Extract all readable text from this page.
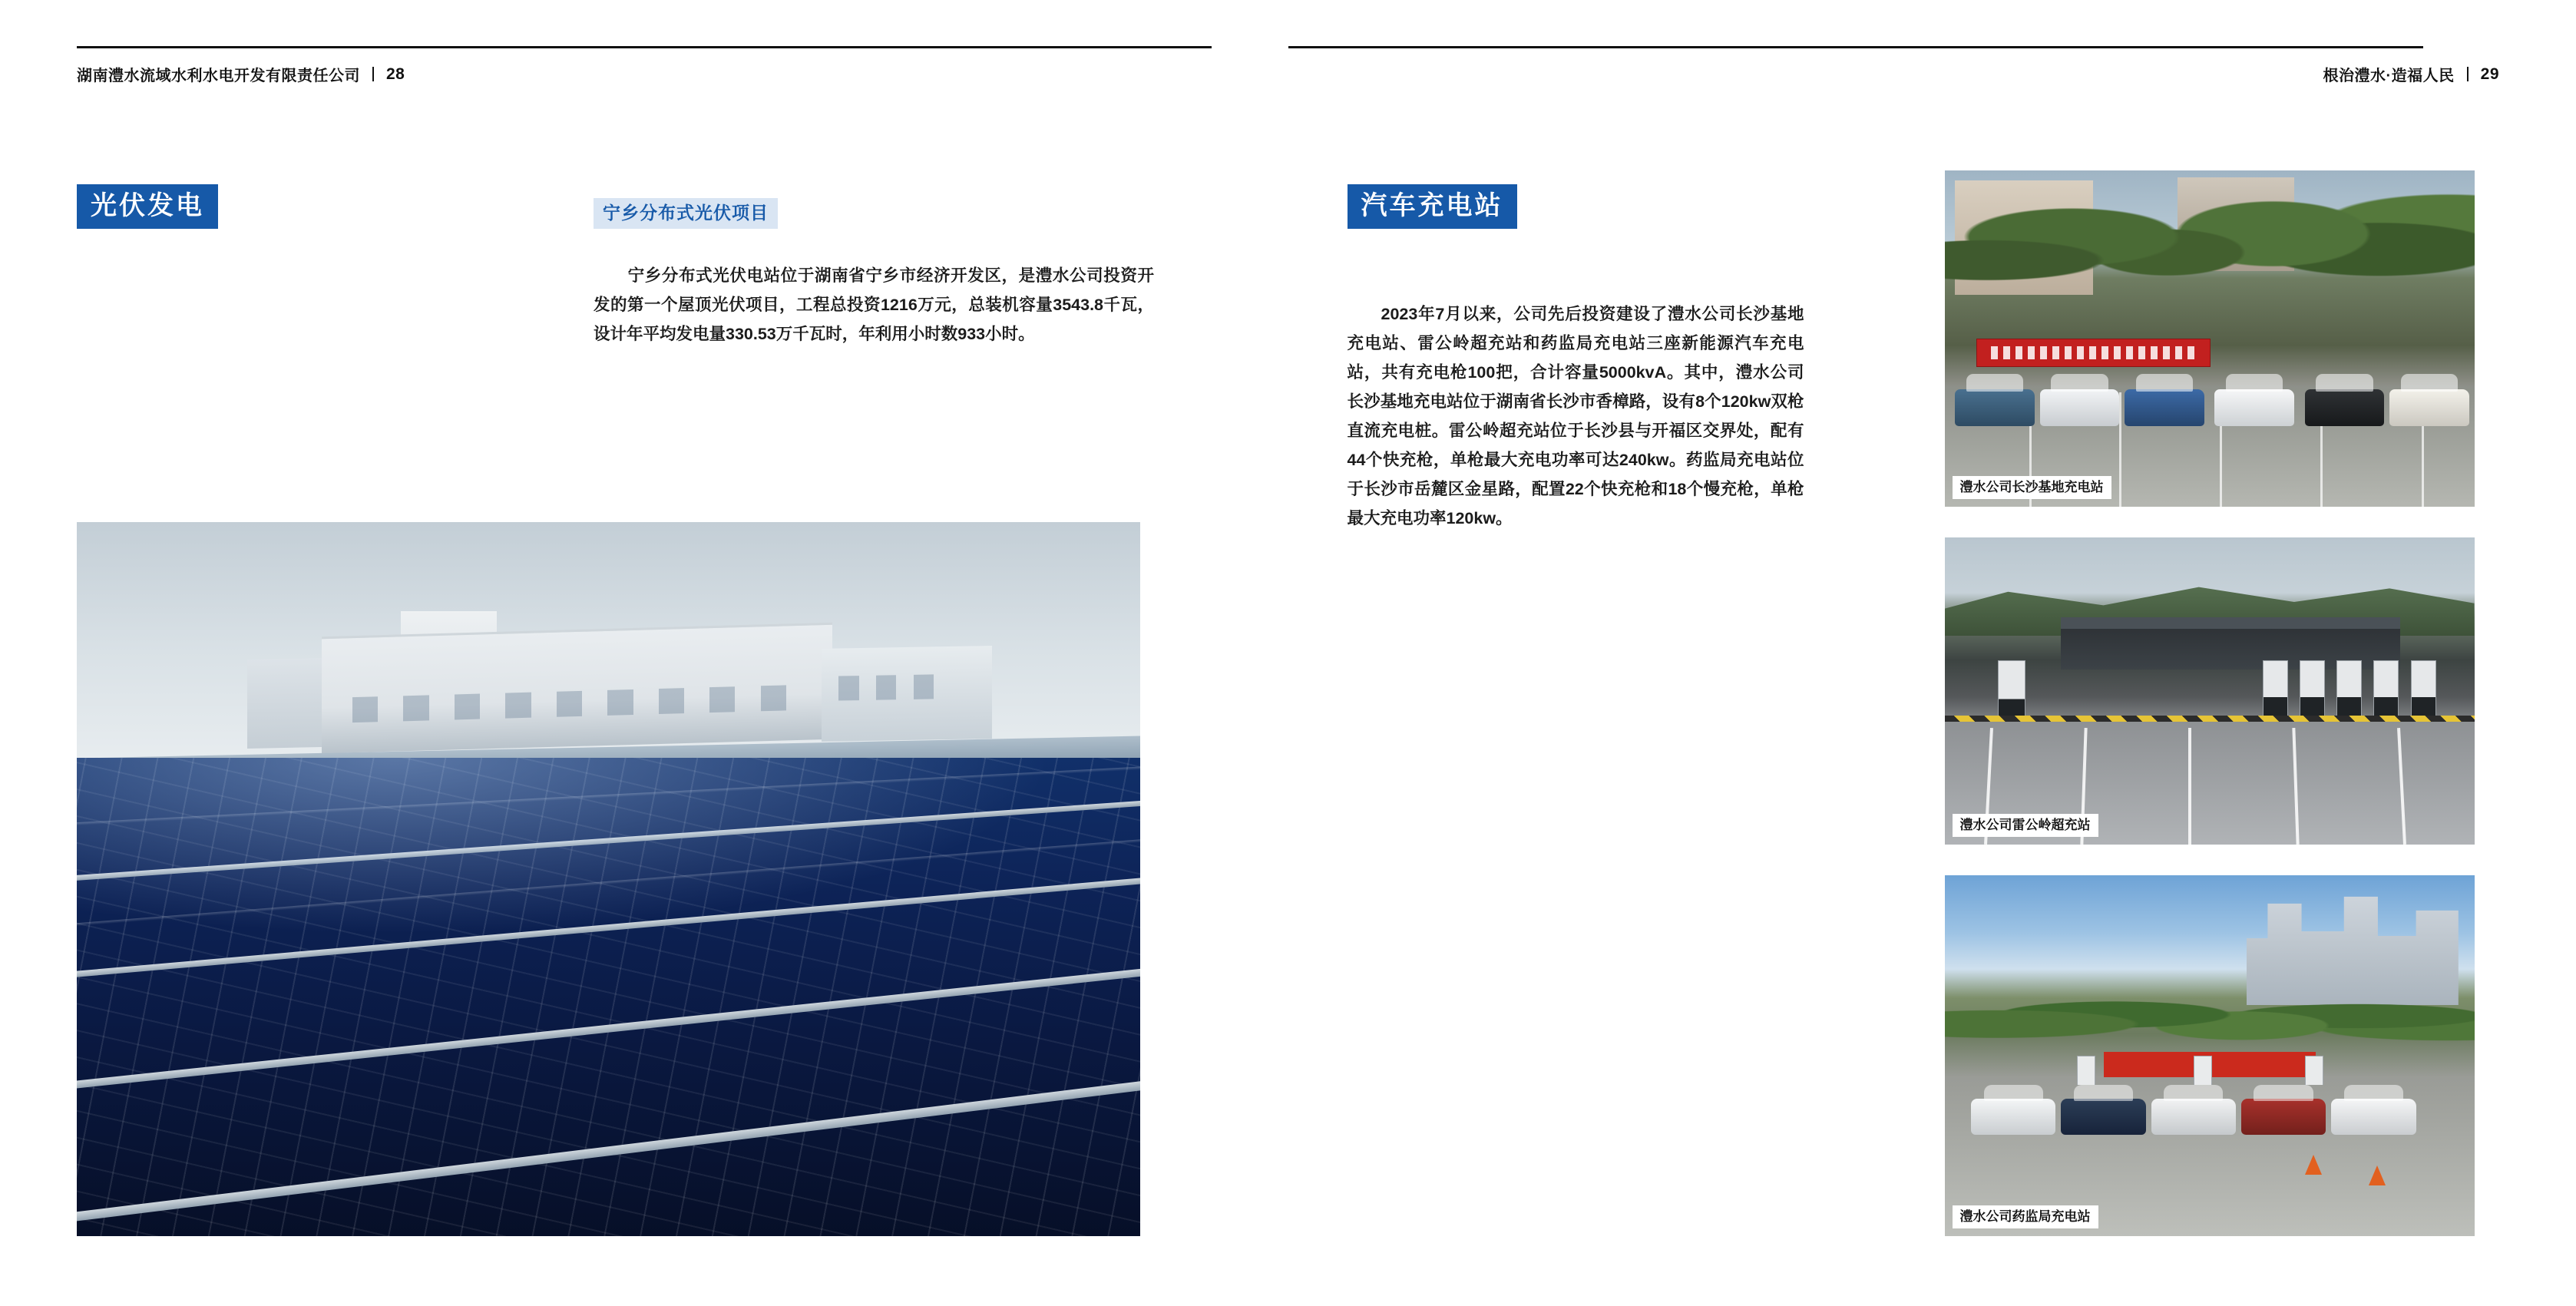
湖南澧水流域水利水电开发有限责任公司 28
光伏发电	宁乡分布式光伏项目
宁乡分布式光伏电站位于湖南省宁乡市经济开发区，是澧水公司投资开发的第一个屋顶光伏项目，工程总投资1216万元，总装机容量3543.8千瓦，设计年平均发电量330.53万千瓦时，年利用小时数933小时。
根治澧水·造福人民 29
汽车充电站
2023年7月以来，公司先后投资建设了澧水公司长沙基地充电站、雷公岭超充站和药监局充电站三座新能源汽车充电站，共有充电枪100把，合计容量5000kvA。其中，澧水公司长沙基地充电站位于湖南省长沙市香樟路，设有8个120kw双枪直流充电桩。雷公岭超充站位于长沙县与开福区交界处，配有44个快充枪，单枪最大充电功率可达240kw。药监局充电站位于长沙市岳麓区金星路，配置22个快充枪和18个慢充枪，单枪最大充电功率120kw。
澧水公司长沙基地充电站
澧水公司雷公岭超充站
澧水公司药监局充电站
